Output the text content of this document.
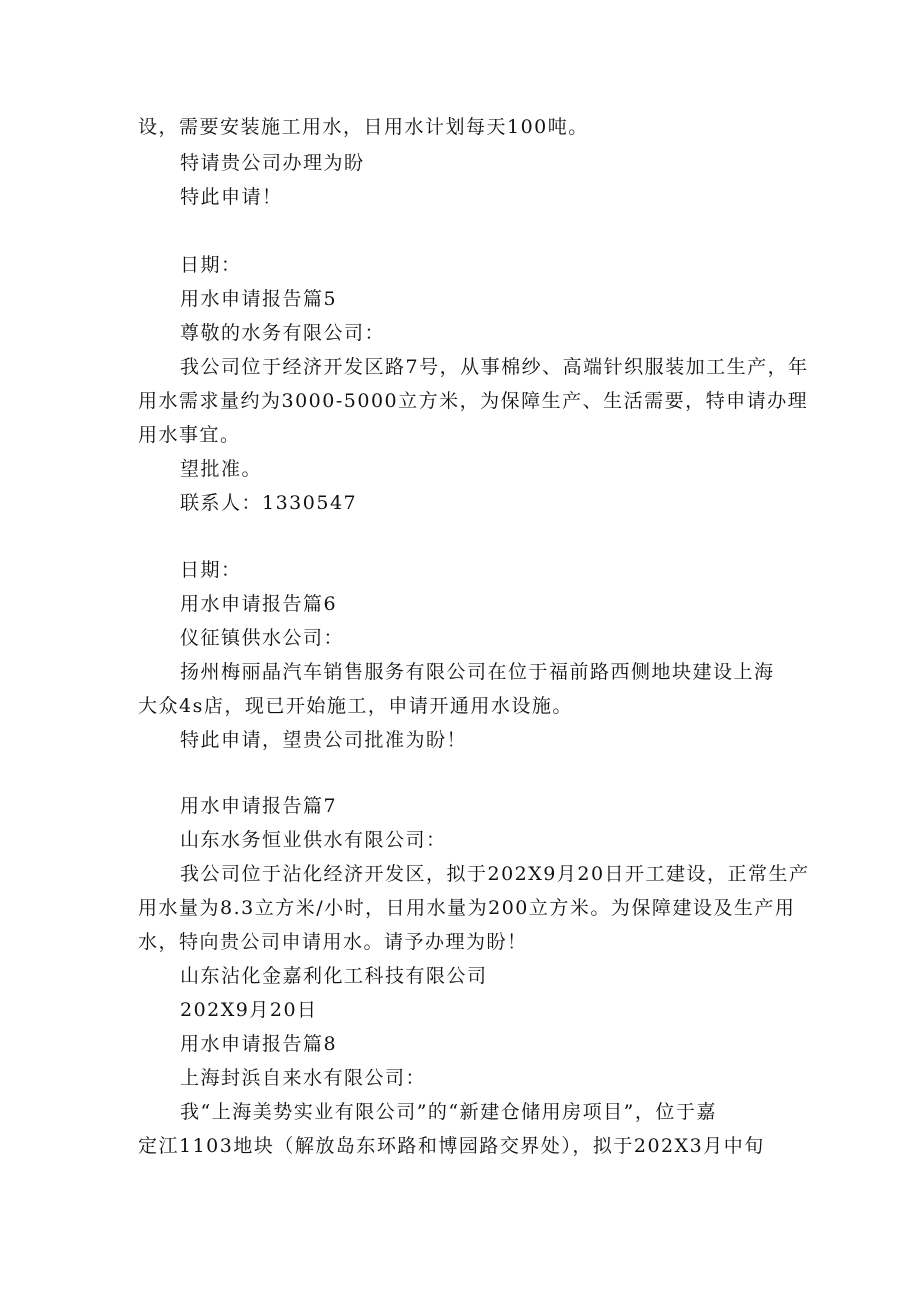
设，需要安装施工用水，日用水计划每天100吨。
特请贵公司办理为盼
特此申请！
日期：
用水申请报告篇5
尊敬的水务有限公司：
我公司位于经济开发区路7号，从事棉纱、高端针织服装加工生产，年
用水需求量约为3000-5000立方米，为保障生产、生活需要，特申请办理
用水事宜。
望批准。
联系人：1330547
日期：
用水申请报告篇6
仪征镇供水公司：
扬州梅丽晶汽车销售服务有限公司在位于福前路西侧地块建设上海
大众4s店，现已开始施工，申请开通用水设施。
特此申请，望贵公司批准为盼！
用水申请报告篇7
山东水务恒业供水有限公司：
我公司位于沾化经济开发区，拟于202X9月20日开工建设，正常生产
用水量为8.3立方米/小时，日用水量为200立方米。为保障建设及生产用
水，特向贵公司申请用水。请予办理为盼！
山东沾化金嘉利化工科技有限公司
202X9月20日
用水申请报告篇8
上海封浜自来水有限公司：
我“上海美势实业有限公司”的“新建仓储用房项目”，位于嘉
定江1103地块（解放岛东环路和博园路交界处），拟于202X3月中旬
